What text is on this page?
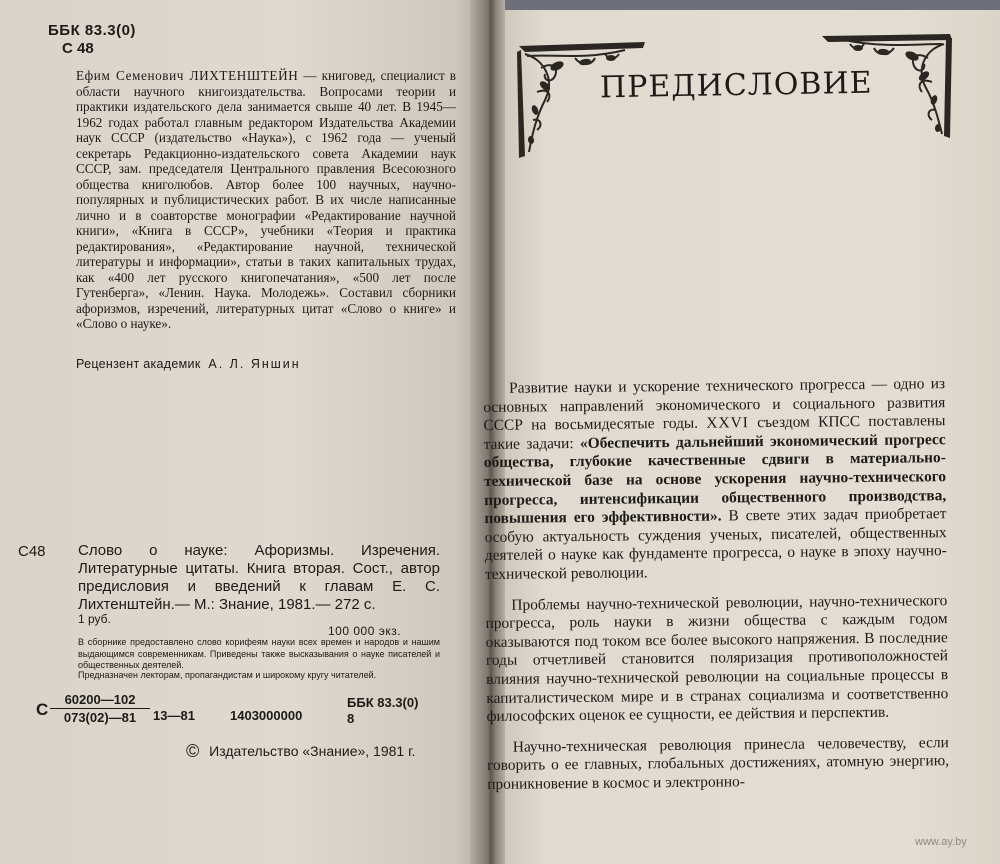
ББК 83.3(0)
С 48

Ефим Семенович ЛИХТЕНШТЕЙН — книговед, специалист в области научного книгоиздательства. Вопросами теории и практики издательского дела занимается свыше 40 лет. В 1945—1962 годах работал главным редактором Издательства Академии наук СССР (издательство «Наука»), с 1962 года — ученый секретарь Редакционно-издательского совета Академии наук СССР, зам. председателя Центрального правления Всесоюзного общества книголюбов. Автор более 100 научных, научно-популярных и публицистических работ. В их числе написанные лично и в соавторстве монографии «Редактирование научной книги», «Книга в СССР», учебники «Теория и практика редактирования», «Редактирование научной, технической литературы и информации», статьи в таких капитальных трудах, как «400 лет русского книгопечатания», «500 лет после Гутенберга», «Ленин. Наука. Молодежь». Составил сборники афоризмов, изречений, литературных цитат «Слово о книге» и «Слово о науке».

Рецензент академик А. Л. Яншин
С48 Слово о науке: Афоризмы. Изречения. Литературные цитаты. Книга вторая. Сост., автор предисловия и введений к главам Е. С. Лихтенштейн.— М.: Знание, 1981.— 272 с.

1 руб.
100 000 экз.

В сборнике предоставлено слово корифеям науки всех времен и народов и нашим выдающимся современникам. Приведены также высказывания о науке писателей и общественных деятелей.

Предназначен лекторам, пропагандистам и широкому кругу читателей.
С $\frac{60200—102}{073(02)—81}$ 13—81	1403000000
ББК 83.3(0)
8
© Издательство «Знание», 1981 г.
ПРЕДИСЛОВИЕ

Развитие науки и ускорение технического прогресса — одно из основных направлений экономического и социального развития СССР на восьмидесятые годы. XXVI съездом КПСС поставлены такие задачи: «Обеспечить дальнейший экономический прогресс общества, глубокие качественные сдвиги в материально-технической базе на основе ускорения научно-технического прогресса, интенсификации общественного производства, повышения его эффективности». В свете этих задач приобретает особую актуальность суждения ученых, писателей, общественных деятелей о науке как фундаменте прогресса, о науке в эпоху научно-технической революции.

Проблемы научно-технической революции, научно-технического прогресса, роль науки в жизни общества с каждым годом оказываются под током все более высокого напряжения. В последние годы отчетливей становится поляризация противоположностей влияния научно-технической революции на социальные процессы в капиталистическом мире и в странах социализма и соответственно философских оценок ее сущности, ее действия и перспектив.

Научно-техническая революция принесла человечеству, если говорить о ее главных, глобальных достижениях, атомную энергию, проникновение в космос и электронно-

www.ay.by
